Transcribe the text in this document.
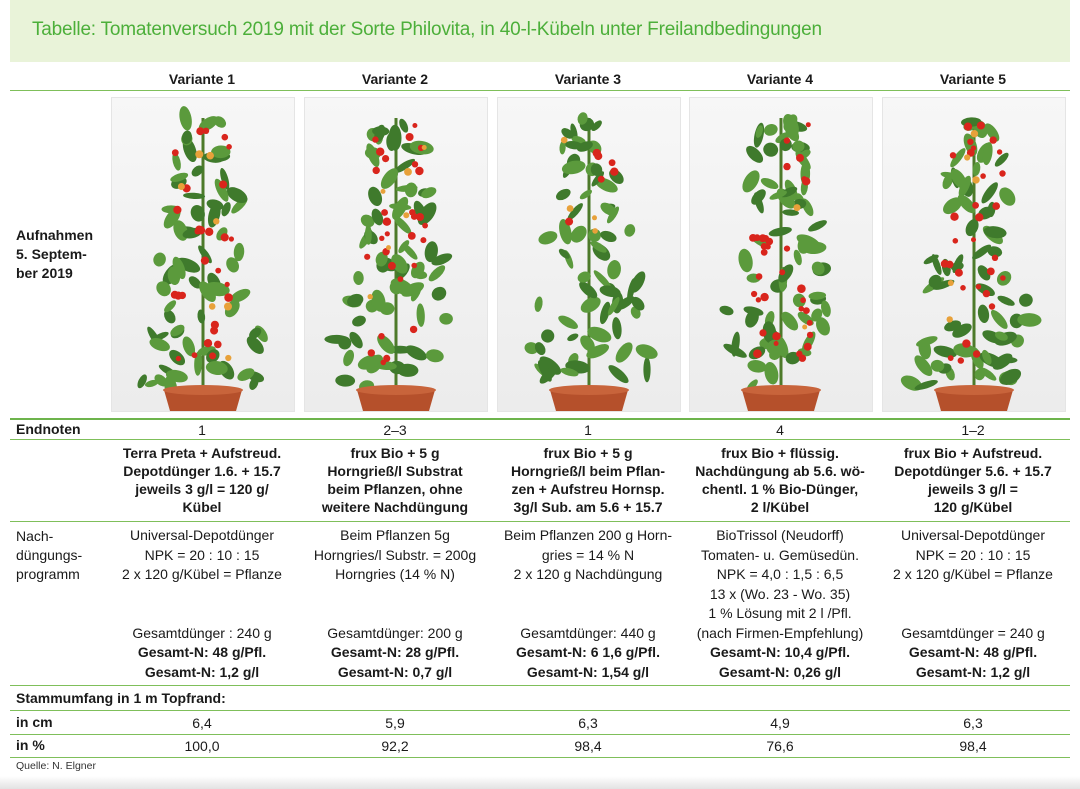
Tabelle: Tomatenversuch 2019 mit der Sorte Philovita, in 40-l-Kübeln unter Freilandbedingungen
Aufnahmen
5. Septem-
ber 2019
Endnoten
Nach-
düngungs-
programm
Stammumfang in 1 m Topfrand:
in cm
in %
Variante 1
1
Terra Preta + Aufstreud.
Depotdünger 1.6. + 15.7
jeweils 3 g/l = 120 g/
Kübel
Universal-Depotdünger
NPK = 20 : 10 : 15
2 x 120 g/Kübel = Pflanze

Gesamtdünger : 240 g
Gesamt-N: 48 g/Pfl.
Gesamt-N: 1,2 g/l
6,4
100,0
Variante 2
2–3
frux Bio + 5 g
Horngrieß/l Substrat
beim Pflanzen, ohne
weitere Nachdüngung
Beim Pflanzen 5g
Horngries/l Substr. = 200g
Horngries (14 % N)

Gesamtdünger: 200 g
Gesamt-N: 28 g/Pfl.
Gesamt-N: 0,7 g/l
5,9
92,2
Variante 3
1
frux Bio + 5 g
Horngrieß/l beim Pflan-
zen + Aufstreu Hornsp.
3g/l Sub. am 5.6 + 15.7
Beim Pflanzen 200 g Horn-
gries = 14 % N
2 x 120 g Nachdüngung

Gesamtdünger: 440 g
Gesamt-N: 6 1,6 g/Pfl.
Gesamt-N: 1,54 g/l
6,3
98,4
Variante 4
4
frux Bio + flüssig.
Nachdüngung ab 5.6. wö-
chentl. 1 % Bio-Dünger,
2 l/Kübel
BioTrissol (Neudorff)
Tomaten- u. Gemüsedün.
NPK = 4,0 : 1,5 : 6,5
13 x (Wo. 23 - Wo. 35)
1 % Lösung mit 2 l /Pfl.
(nach Firmen-Empfehlung)
Gesamt-N: 10,4 g/Pfl.
Gesamt-N: 0,26 g/l
4,9
76,6
Variante 5
1–2
frux Bio + Aufstreud.
Depotdünger 5.6. + 15.7
jeweils 3 g/l =
120 g/Kübel
Universal-Depotdünger
NPK = 20 : 10 : 15
2 x 120 g/Kübel = Pflanze

Gesamtdünger = 240 g
Gesamt-N: 48 g/Pfl.
Gesamt-N: 1,2 g/l
6,3
98,4
Quelle: N. Elgner
